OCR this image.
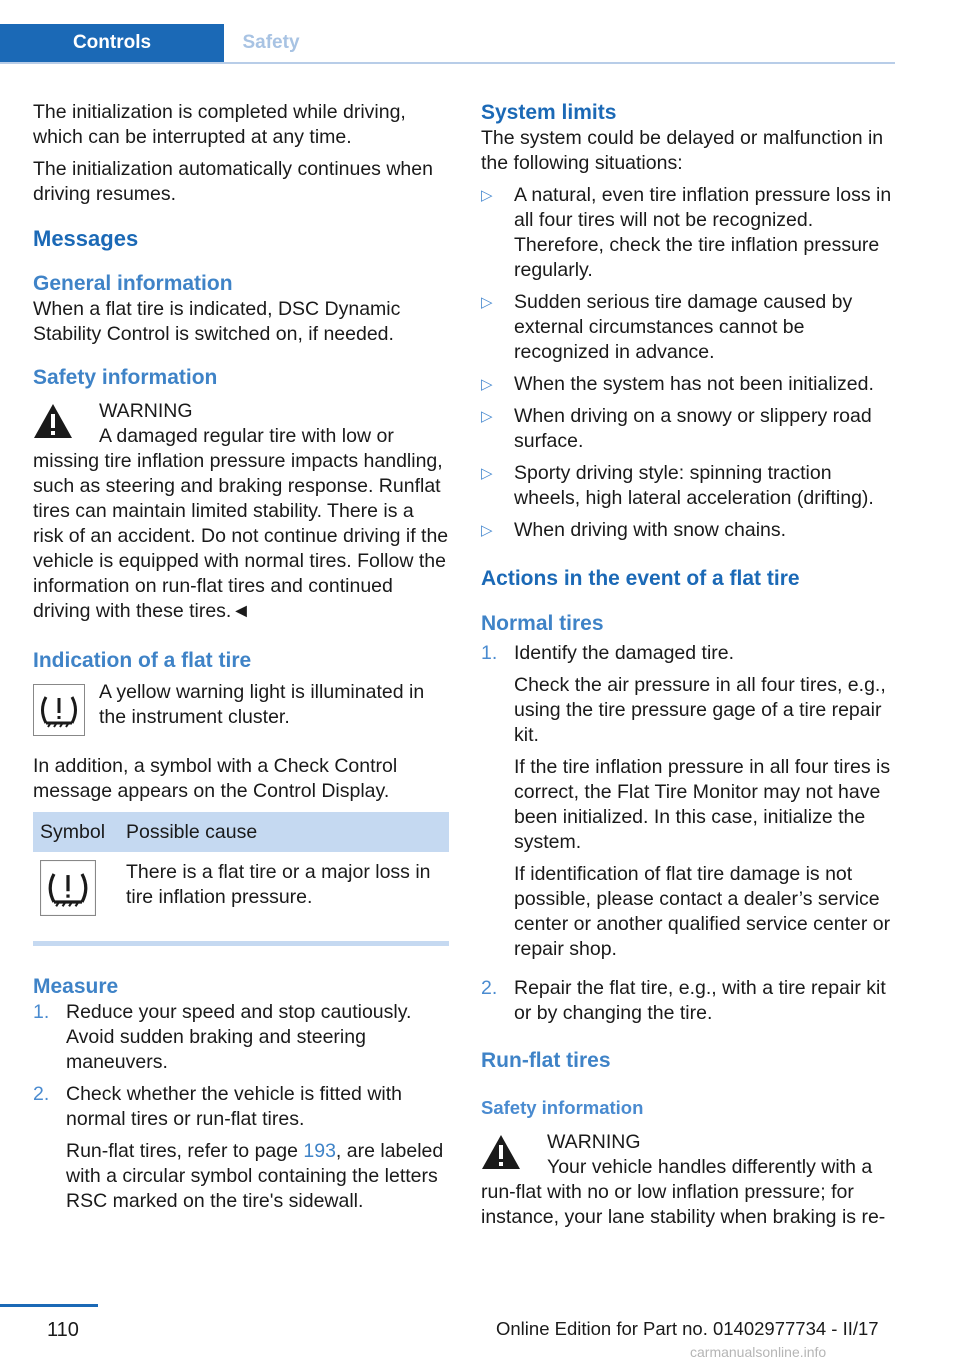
Controls	Safety

The initialization is completed while driving, which can be interrupted at any time.

The initialization automatically continues when driving resumes.

Messages
General information

When a flat tire is indicated, DSC Dynamic Stability Control is switched on, if needed.

Safety information
WARNING
A damaged regular tire with low or missing tire inflation pressure impacts handling, such as steering and braking response. Runflat tires can maintain limited stability. There is a risk of an accident. Do not continue driving if the vehicle is equipped with normal tires. Follow the information on run-flat tires and continued driving with these tires.◄
Indication of a flat tire
A yellow warning light is illuminated in the instrument cluster.

In addition, a symbol with a Check Control message appears on the Control Display.

Symbol	Possible cause
	There is a flat tire or a major loss in tire inflation pressure.
Measure
1. Reduce your speed and stop cautiously. Avoid sudden braking and steering maneuvers.
2. Check whether the vehicle is fitted with normal tires or run-flat tires.

Run-flat tires, refer to page 193, are labeled with a circular symbol containing the letters RSC marked on the tire's sidewall.

System limits

The system could be delayed or malfunction in the following situations:

▷	A natural, even tire inflation pressure loss in all four tires will not be recognized. Therefore, check the tire inflation pressure regularly.
▷	Sudden serious tire damage caused by external circumstances cannot be recognized in advance.
▷	When the system has not been initialized.
▷	When driving on a snowy or slippery road surface.
▷	Sporty driving style: spinning traction wheels, high lateral acceleration (drifting).
▷	When driving with snow chains.
Actions in the event of a flat tire
Normal tires
1. Identify the damaged tire.

Check the air pressure in all four tires, e.g., using the tire pressure gage of a tire repair kit.

If the tire inflation pressure in all four tires is correct, the Flat Tire Monitor may not have been initialized. In this case, initialize the system.

If identification of flat tire damage is not possible, please contact a dealer’s service center or another qualified service center or repair shop.

2. Repair the flat tire, e.g., with a tire repair kit or by changing the tire.
Run-flat tires
Safety information
WARNING
Your vehicle handles differently with a run-flat with no or low inflation pressure; for instance, your lane stability when braking is re-
110	Online Edition for Part no. 01402977734 - II/17
carmanualsonline.info
